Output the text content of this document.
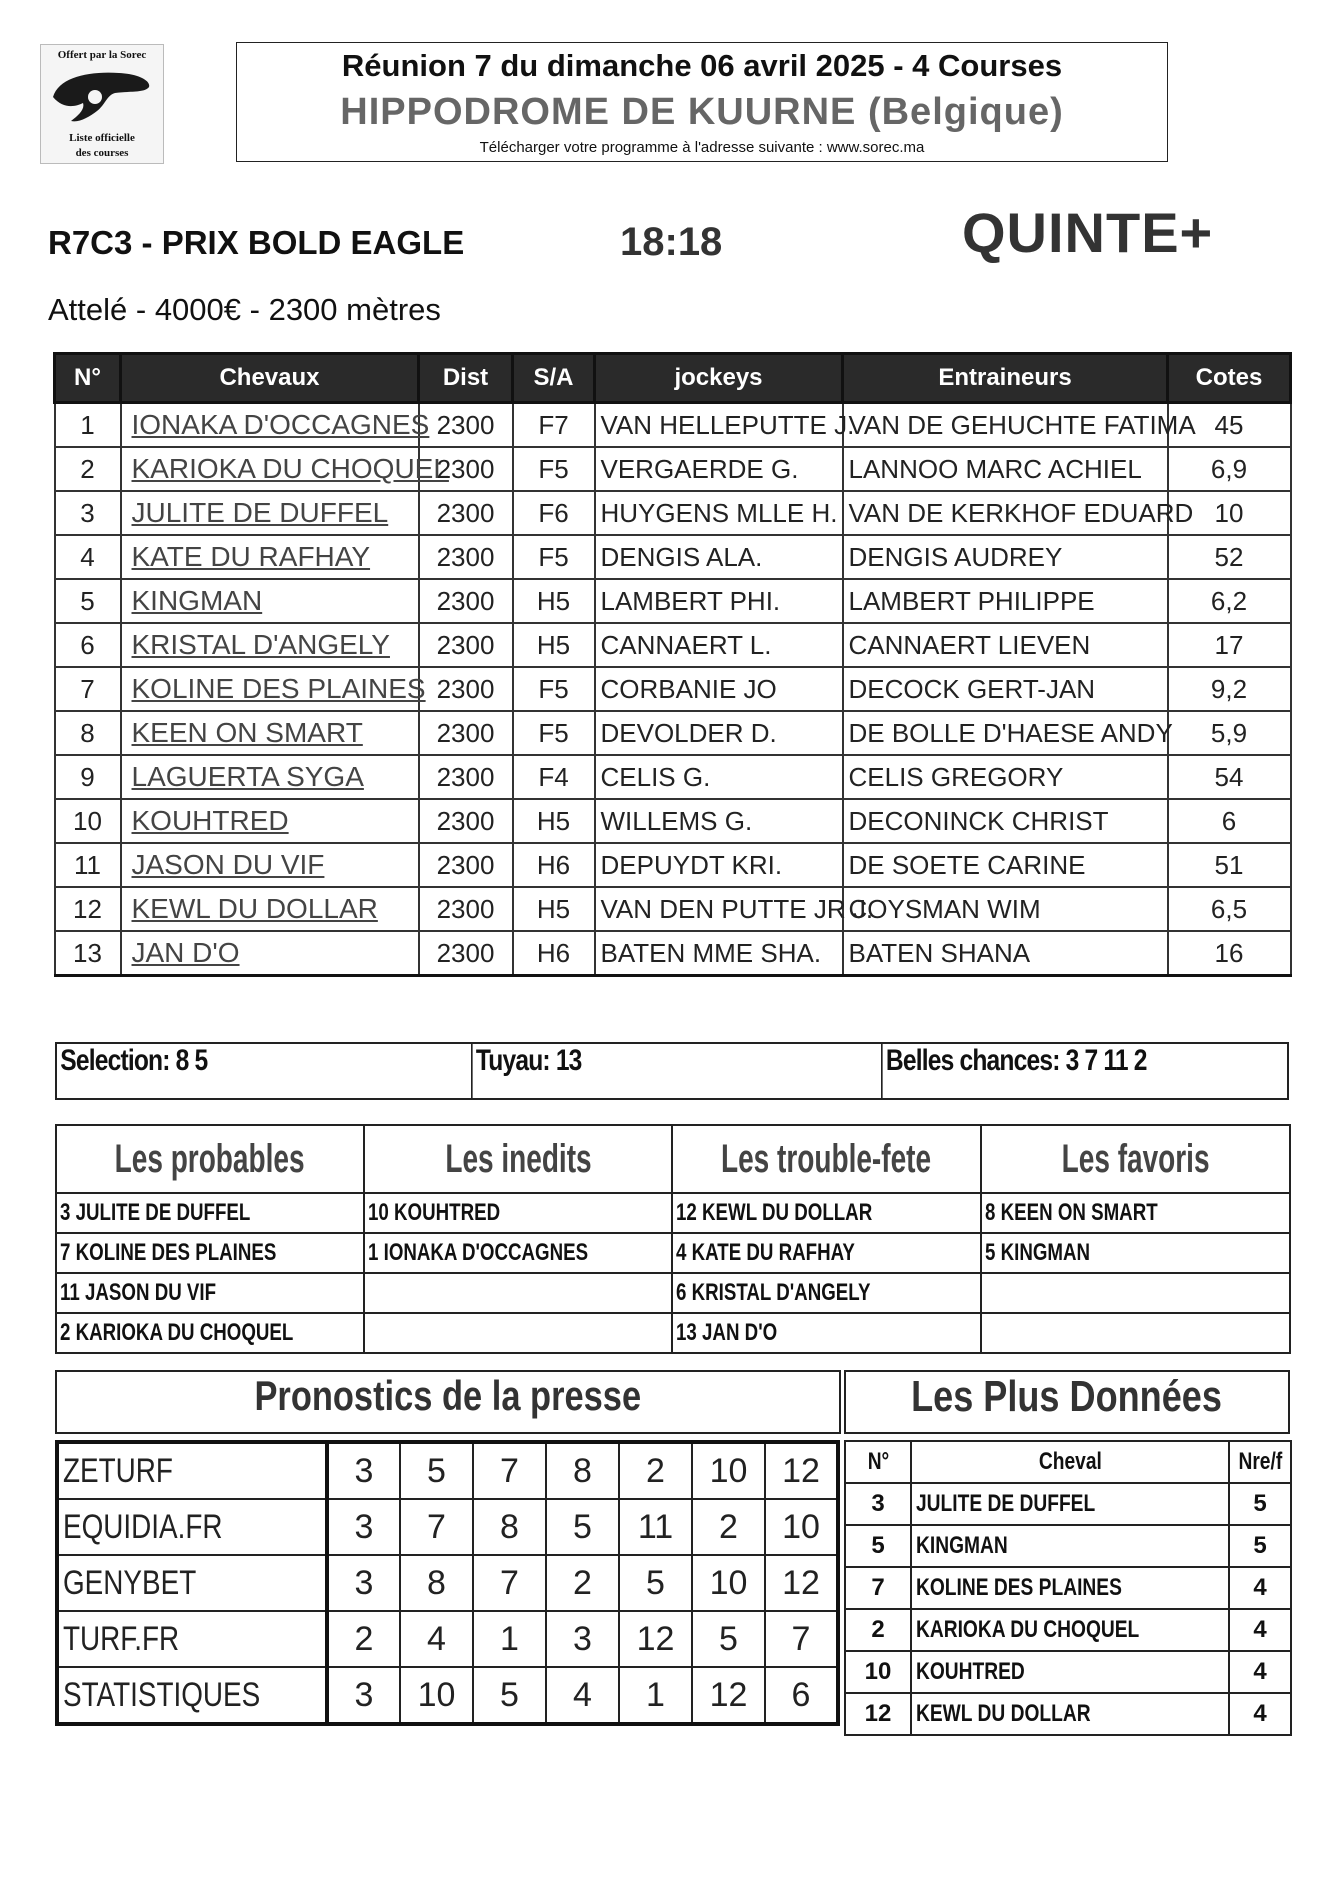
Offert par la Sorec
Liste officielle
des courses
Réunion 7 du dimanche 06 avril 2025 - 4 Courses
HIPPODROME DE KUURNE (Belgique)
Télécharger votre programme à l'adresse suivante : www.sorec.ma
R7C3 - PRIX BOLD EAGLE	18:18	QUINTE+
Attelé - 4000€ - 2300 mètres
N°	Chevaux	Dist	S/A	jockeys	Entraineurs	Cotes
1	IONAKA D'OCCAGNES	2300	F7	VAN HELLEPUTTE J.	VAN DE GEHUCHTE FATIMA	45
2	KARIOKA DU CHOQUEL	2300	F5	VERGAERDE G.	LANNOO MARC ACHIEL	6,9
3	JULITE DE DUFFEL	2300	F6	HUYGENS MLLE H.	VAN DE KERKHOF EDUARD	10
4	KATE DU RAFHAY	2300	F5	DENGIS ALA.	DENGIS AUDREY	52
5	KINGMAN	2300	H5	LAMBERT PHI.	LAMBERT PHILIPPE	6,2
6	KRISTAL D'ANGELY	2300	H5	CANNAERT L.	CANNAERT LIEVEN	17
7	KOLINE DES PLAINES	2300	F5	CORBANIE JO	DECOCK GERT-JAN	9,2
8	KEEN ON SMART	2300	F5	DEVOLDER D.	DE BOLLE D'HAESE ANDY	5,9
9	LAGUERTA SYGA	2300	F4	CELIS G.	CELIS GREGORY	54
10	KOUHTRED	2300	H5	WILLEMS G.	DECONINCK CHRIST	6
11	JASON DU VIF	2300	H6	DEPUYDT KRI.	DE SOETE CARINE	51
12	KEWL DU DOLLAR	2300	H5	VAN DEN PUTTE JR J.	COYSMAN WIM	6,5
13	JAN D'O	2300	H6	BATEN MME SHA.	BATEN SHANA	16
Selection: 8 5	Tuyau: 13	Belles chances: 3 7 11 2
Les probables	Les inedits	Les trouble-fete	Les favoris
3 JULITE DE DUFFEL	10 KOUHTRED	12 KEWL DU DOLLAR	8 KEEN ON SMART
7 KOLINE DES PLAINES	1 IONAKA D'OCCAGNES	4 KATE DU RAFHAY	5 KINGMAN
11 JASON DU VIF		6 KRISTAL D'ANGELY	
2 KARIOKA DU CHOQUEL		13 JAN D'O	
Pronostics de la presse
ZETURF	3	5	7	8	2	10	12
EQUIDIA.FR	3	7	8	5	11	2	10
GENYBET	3	8	7	2	5	10	12
TURF.FR	2	4	1	3	12	5	7
STATISTIQUES	3	10	5	4	1	12	6
Les Plus Données
N°	Cheval	Nre/f
3	JULITE DE DUFFEL	5
5	KINGMAN	5
7	KOLINE DES PLAINES	4
2	KARIOKA DU CHOQUEL	4
10	KOUHTRED	4
12	KEWL DU DOLLAR	4
